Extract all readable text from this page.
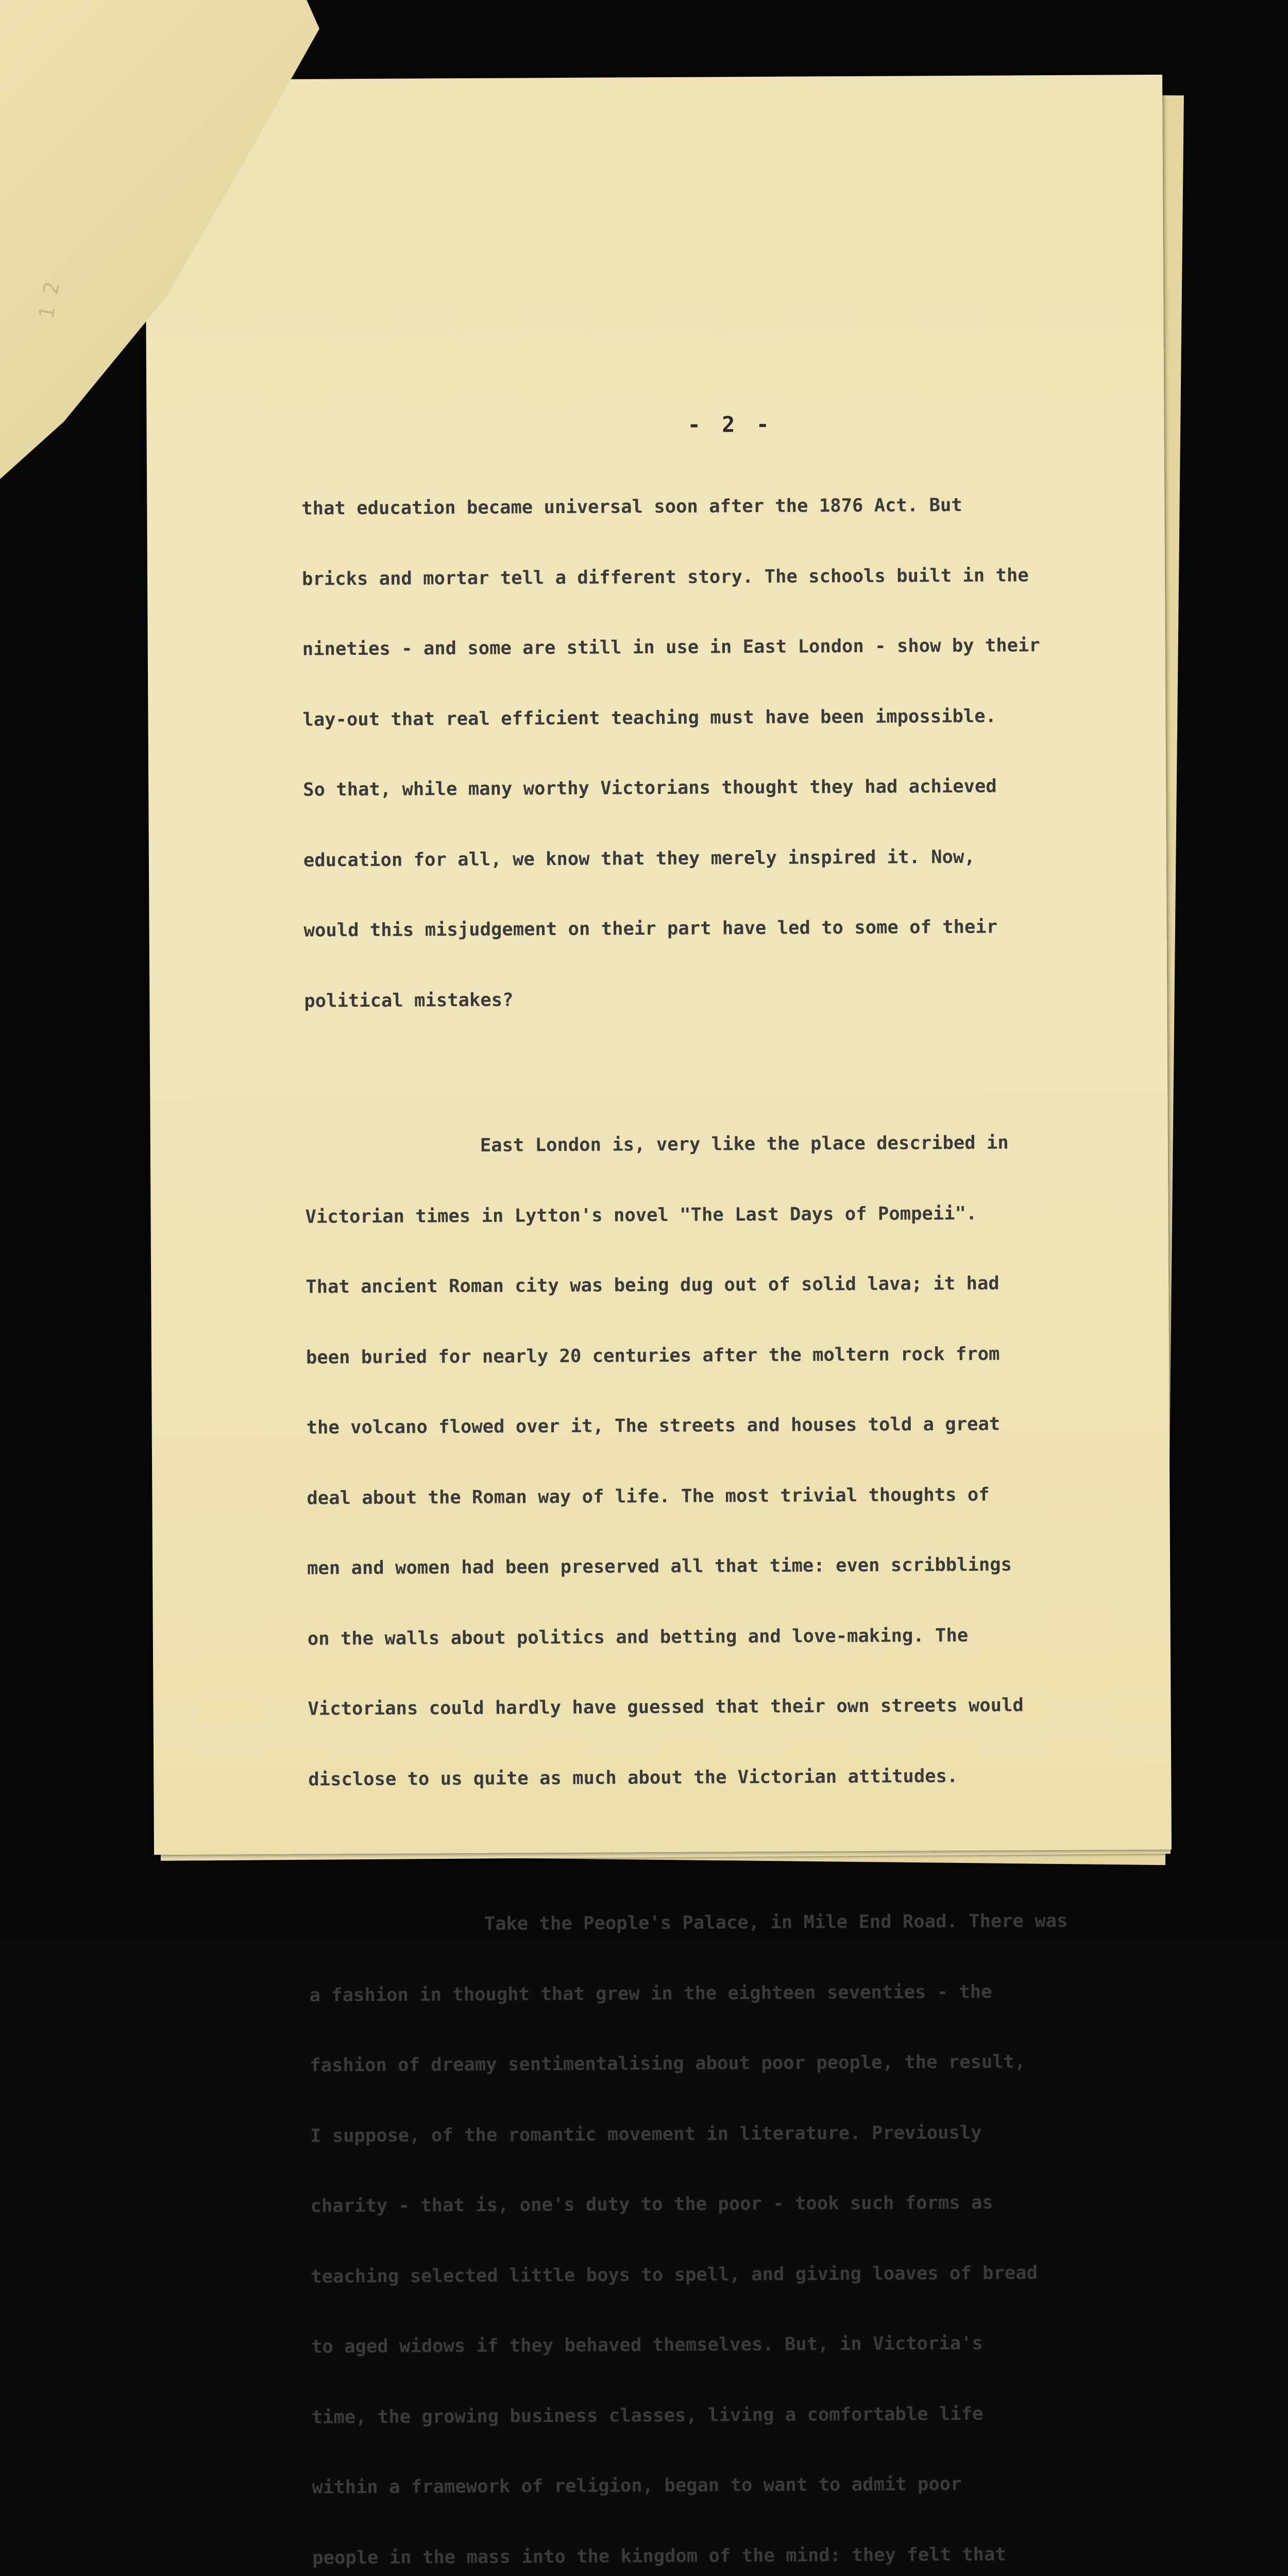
- 2 -

that education became universal soon after the 1876 Act. But

bricks and mortar tell a different story. The schools built in the

nineties - and some are still in use in East London - show by their

lay-out that real efficient teaching must have been impossible.

So that, while many worthy Victorians thought they had achieved

education for all, we know that they merely inspired it. Now,

would this misjudgement on their part have led to some of their

political mistakes?

East London is, very like the place described in

Victorian times in Lytton's novel "The Last Days of Pompeii".

That ancient Roman city was being dug out of solid lava; it had

been buried for nearly 20 centuries after the moltern rock from

the volcano flowed over it, The streets and houses told a great

deal about the Roman way of life. The most trivial thoughts of

men and women had been preserved all that time: even scribblings

on the walls about politics and betting and love-making. The

Victorians could hardly have guessed that their own streets would

disclose to us quite as much about the Victorian attitudes.

Take the People's Palace, in Mile End Road. There was

a fashion in thought that grew in the eighteen seventies - the

fashion of dreamy sentimentalising about poor people, the result,

I suppose, of the romantic movement in literature. Previously

charity - that is, one's duty to the poor - took such forms as

teaching selected little boys to spell, and giving loaves of bread

to aged widows if they behaved themselves. But, in Victoria's

time, the growing business classes, living a comfortable life

within a framework of religion, began to want to admit poor

people in the mass into the kingdom of the mind: they felt that

1 2
